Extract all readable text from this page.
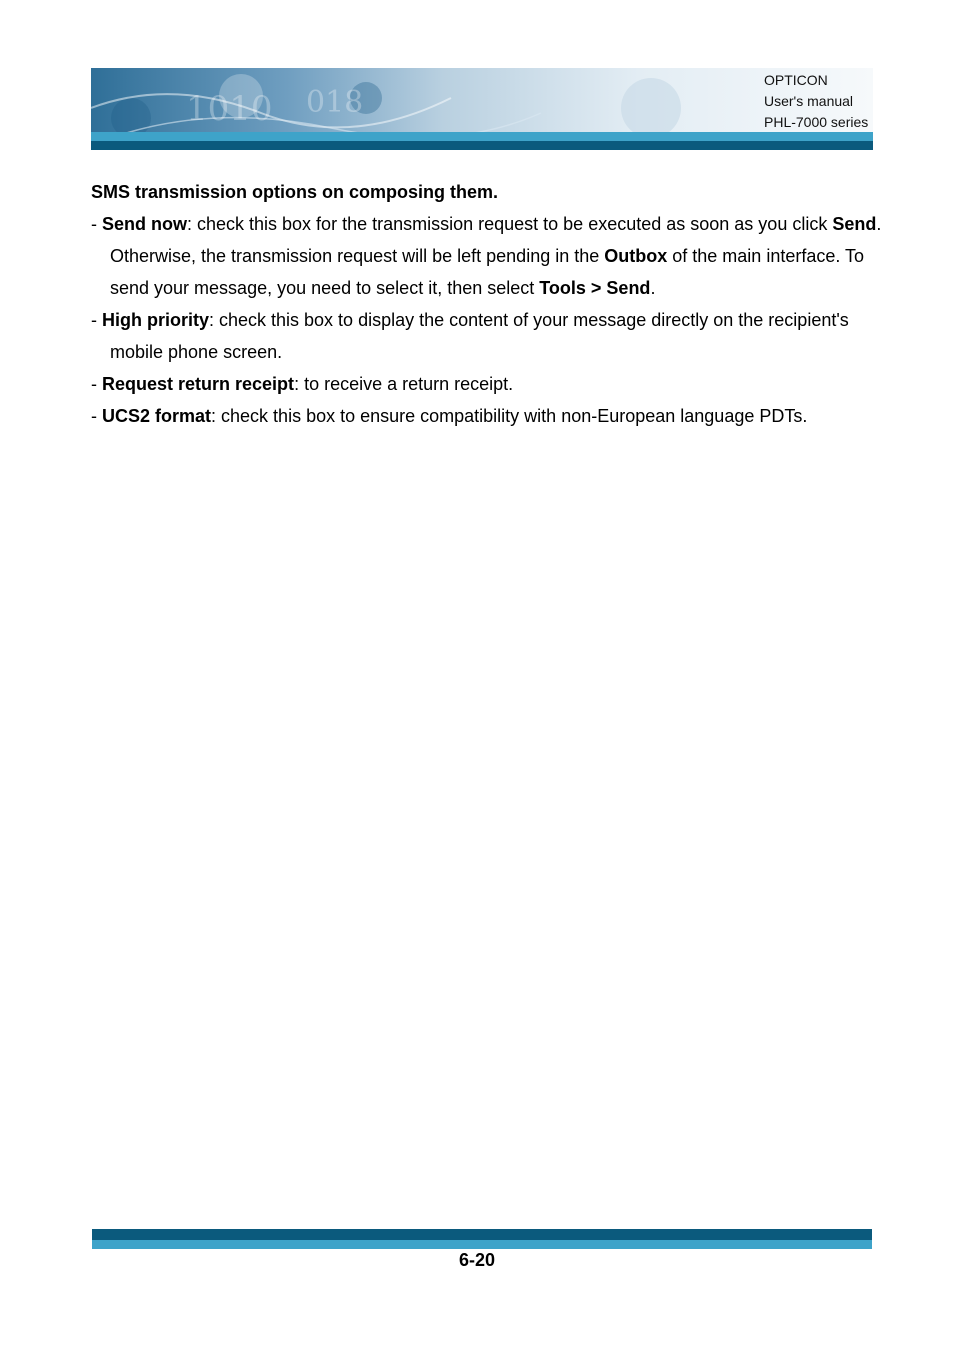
1010 018
OPTICON
User's manual
PHL-7000 series

SMS transmission options on composing them.

- Send now: check this box for the transmission request to be executed as soon as you click Send. Otherwise, the transmission request will be left pending in the Outbox of the main interface. To send your message, you need to select it, then select Tools > Send.

- High priority: check this box to display the content of your message directly on the recipient's mobile phone screen.

- Request return receipt: to receive a return receipt.

- UCS2 format: check this box to ensure compatibility with non-European language PDTs.

6-20
